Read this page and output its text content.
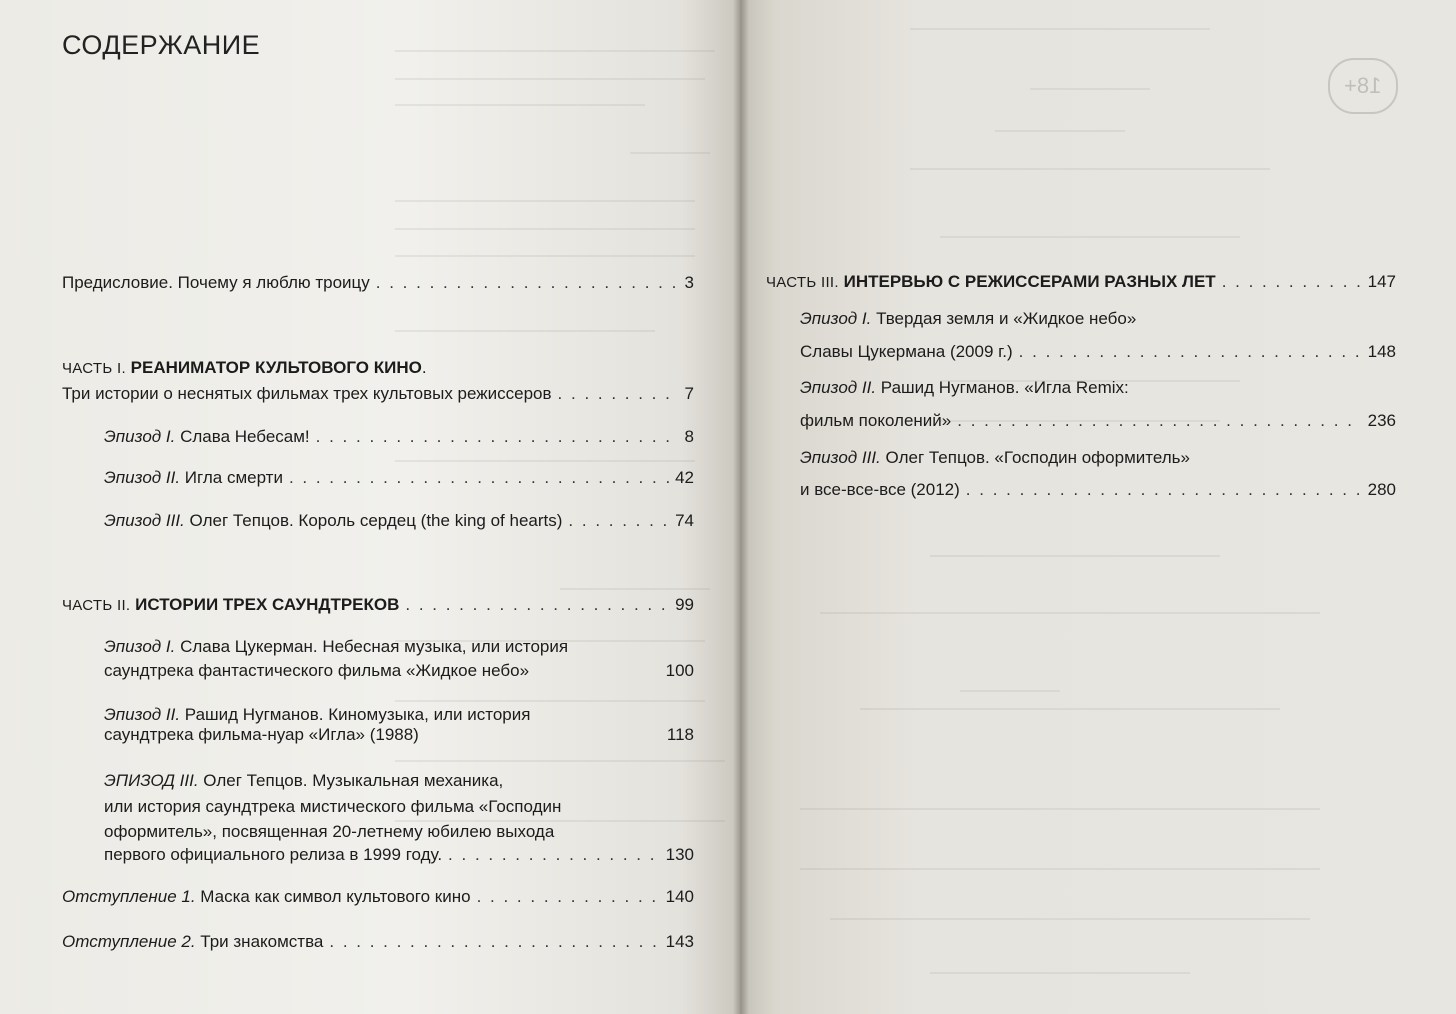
СОДЕРЖАНИЕ
Предисловие. Почему я люблю троицу . . .	3
ЧАСТЬ I. РЕАНИМАТОР КУЛЬТОВОГО КИНО.
Три истории о неснятых фильмах трех культовых режиссеров . . .	7
Эпизод I. Слава Небесам! . . .	8
Эпизод II. Игла смерти . . .	42
Эпизод III. Олег Тепцов. Король сердец (the king of hearts) . . .	74
ЧАСТЬ II. ИСТОРИИ ТРЕХ САУНДТРЕКОВ . . .	99
Эпизод I. Слава Цукерман. Небесная музыка, или история
саундтрека фантастического фильма «Жидкое небо»	100
Эпизод II. Рашид Нугманов. Киномузыка, или история
саундтрека фильма-нуар «Игла» (1988)	118
ЭПИЗОД III. Олег Тепцов. Музыкальная механика,
или история саундтрека мистического фильма «Господин
оформитель», посвященная 20-летнему юбилею выхода
первого официального релиза в 1999 году. . . .	130
Отступление 1. Маска как символ культового кино . . .	140
Отступление 2. Три знакомства . . .	143
18+
ЧАСТЬ III. ИНТЕРВЬЮ С РЕЖИССЕРАМИ РАЗНЫХ ЛЕТ . . .	147
Эпизод I. Твердая земля и «Жидкое небо»
Славы Цукермана (2009 г.) . . .	148
Эпизод II. Рашид Нугманов. «Игла Remix:
фильм поколений» . . .	236
Эпизод III. Олег Тепцов. «Господин оформитель»
и все-все-все (2012) . . .	280
